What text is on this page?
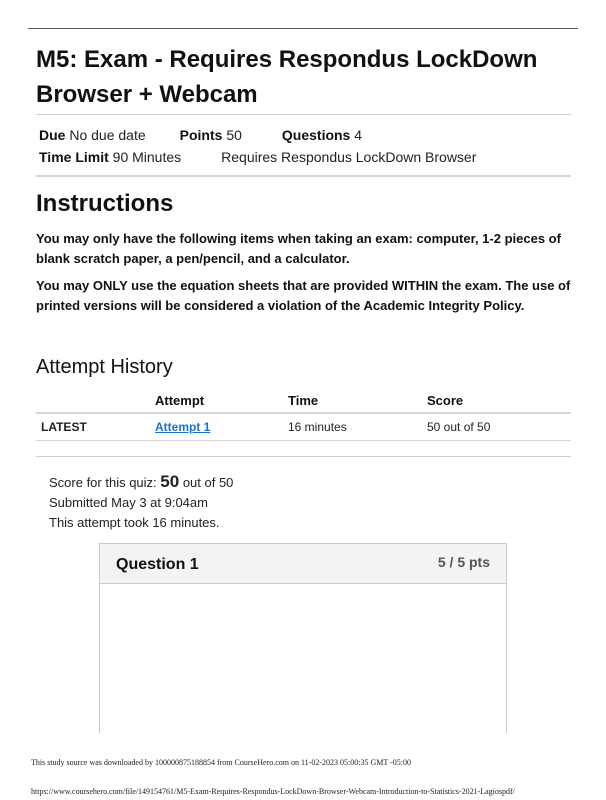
M5: Exam - Requires Respondus LockDown Browser + Webcam
Due No due date Points 50	Questions 4
Time Limit 90 Minutes	Requires Respondus LockDown Browser
Instructions

You may only have the following items when taking an exam: computer, 1-2 pieces of blank scratch paper, a pen/pencil, and a calculator.

You may ONLY use the equation sheets that are provided WITHIN the exam. The use of printed versions will be considered a violation of the Academic Integrity Policy.

Attempt History
	Attempt	Time	Score
LATEST	Attempt 1	16 minutes	50 out of 50
Score for this quiz: 50 out of 50
Submitted May 3 at 9:04am
This attempt took 16 minutes.
Question 1	5 / 5 pts
This study source was downloaded by 100000875188854 from CourseHero.com on 11-02-2023 05:00:35 GMT -05:00
https://www.coursehero.com/file/149154761/M5-Exam-Requires-Respondus-LockDown-Browser-Webcam-Introduction-to-Statistics-2021-Lagiospdf/
